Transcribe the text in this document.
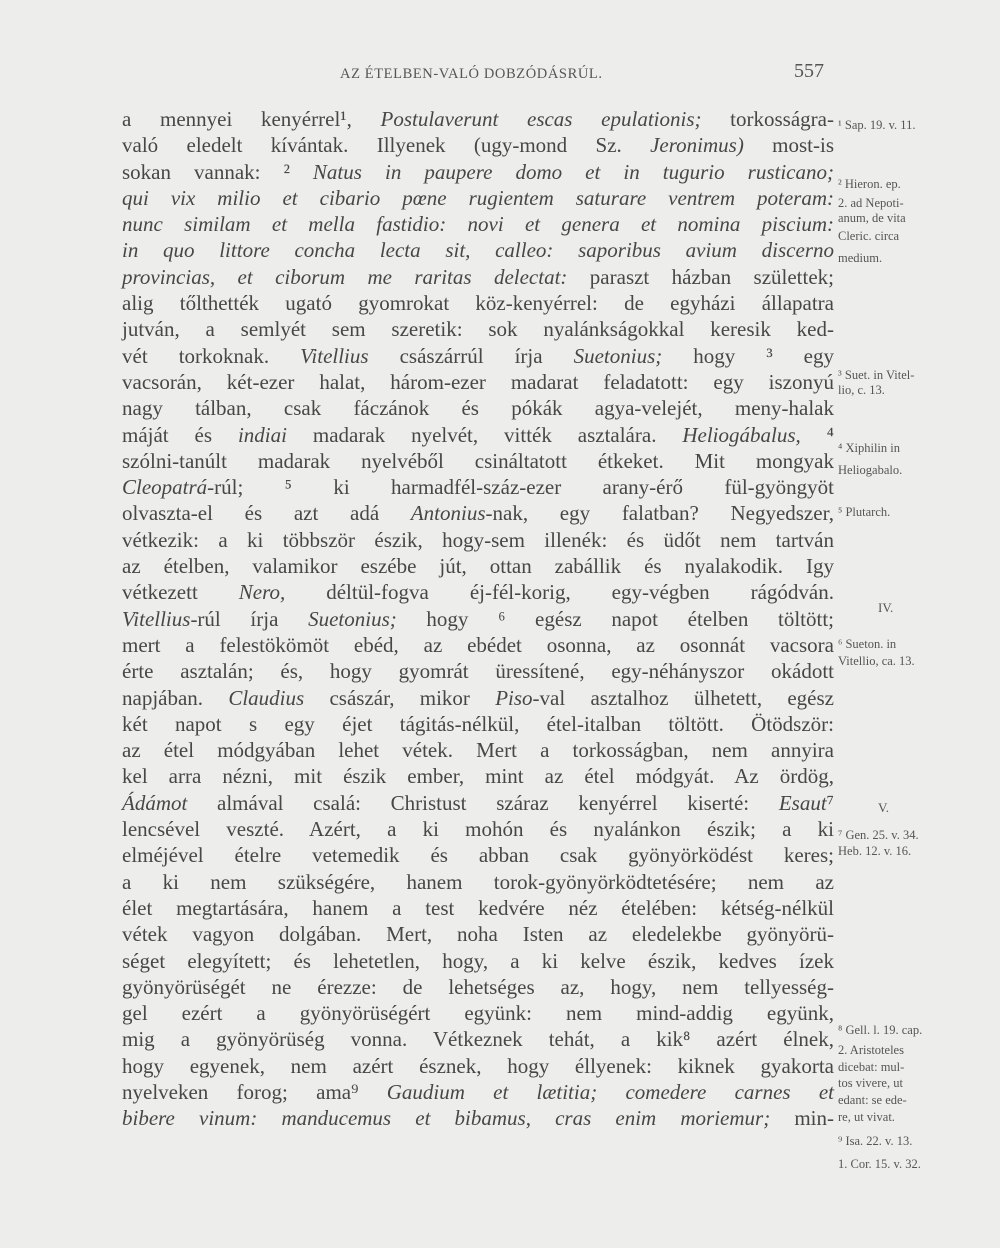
AZ ÉTELBEN-VALÓ DOBZÓDÁSRÚL.	557
a mennyei kenyérrel¹, Postulaverunt escas epulationis; torkosságra-
való eledelt kívántak. Illyenek (ugy-mond Sz. Jeronimus) most-is
sokan vannak: ² Natus in paupere domo et in tugurio rusticano;
qui vix milio et cibario pœne rugientem saturare ventrem poteram:
nunc similam et mella fastidio: novi et genera et nomina piscium:
in quo littore concha lecta sit, calleo: saporibus avium discerno
provincias, et ciborum me raritas delectat: paraszt házban születtek;
alig tőlthették ugató gyomrokat köz-kenyérrel: de egyházi állapatra
jutván, a semlyét sem szeretik: sok nyalánkságokkal keresik ked-
vét torkoknak. Vitellius császárrúl írja Suetonius; hogy ³ egy
vacsorán, két-ezer halat, három-ezer madarat feladatott: egy iszonyú
nagy tálban, csak fáczánok és pókák agya-velejét, meny-halak
máját és indiai madarak nyelvét, vitték asztalára. Heliogábalus, ⁴
szólni-tanúlt madarak nyelvéből csináltatott étkeket. Mit mongyak
Cleopatrá-rúl; ⁵ ki harmadfél-száz-ezer arany-érő fül-gyöngyöt
olvaszta-el és azt adá Antonius-nak, egy falatban? Negyedszer,
vétkezik: a ki többször észik, hogy-sem illenék: és üdőt nem tartván
az ételben, valamikor eszébe jút, ottan zabállik és nyalakodik. Igy
vétkezett Nero, déltül-fogva éj-fél-korig, egy-végben rágódván.
Vitellius-rúl írja Suetonius; hogy ⁶ egész napot ételben töltött;
mert a felestökömöt ebéd, az ebédet osonna, az osonnát vacsora
érte asztalán; és, hogy gyomrát üressítené, egy-néhányszor okádott
napjában. Claudius császár, mikor Piso-val asztalhoz ülhetett, egész
két napot s egy éjet tágitás-nélkül, étel-italban töltött. Ötödször:
az étel módgyában lehet vétek. Mert a torkosságban, nem annyira
kel arra nézni, mit észik ember, mint az étel módgyát. Az ördög,
Ádámot almával csalá: Christust száraz kenyérrel kiserté: Esaut⁷
lencsével veszté. Azért, a ki mohón és nyalánkon észik; a ki
elméjével ételre vetemedik és abban csak gyönyörködést keres;
a ki nem szükségére, hanem torok-gyönyörködtetésére; nem az
élet megtartására, hanem a test kedvére néz ételében: kétség-nélkül
vétek vagyon dolgában. Mert, noha Isten az eledelekbe gyönyörü-
séget elegyített; és lehetetlen, hogy, a ki kelve észik, kedves ízek
gyönyörüségét ne érezze: de lehetséges az, hogy, nem tellyesség-
gel ezért a gyönyörüségért együnk: nem mind-addig együnk,
mig a gyönyörüség vonna. Vétkeznek tehát, a kik⁸ azért élnek,
hogy egyenek, nem azért észnek, hogy éllyenek: kiknek gyakorta
nyelveken forog; ama⁹ Gaudium et lætitia; comedere carnes et
bibere vinum: manducemus et bibamus, cras enim moriemur; min-
¹ Sap. 19. v. 11.
² Hieron. ep.
2. ad Nepoti-
anum, de vita
Cleric. circa
medium.
³ Suet. in Vitel-
lio, c. 13.
⁴ Xiphilin in
Heliogabalo.
⁵ Plutarch.
IV.
⁶ Sueton. in
Vitellio, ca. 13.
V.
⁷ Gen. 25. v. 34.
Heb. 12. v. 16.
⁸ Gell. l. 19. cap.
2. Aristoteles
dicebat: mul-
tos vivere, ut
edant: se ede-
re, ut vivat.
⁹ Isa. 22. v. 13.
1. Cor. 15. v. 32.
